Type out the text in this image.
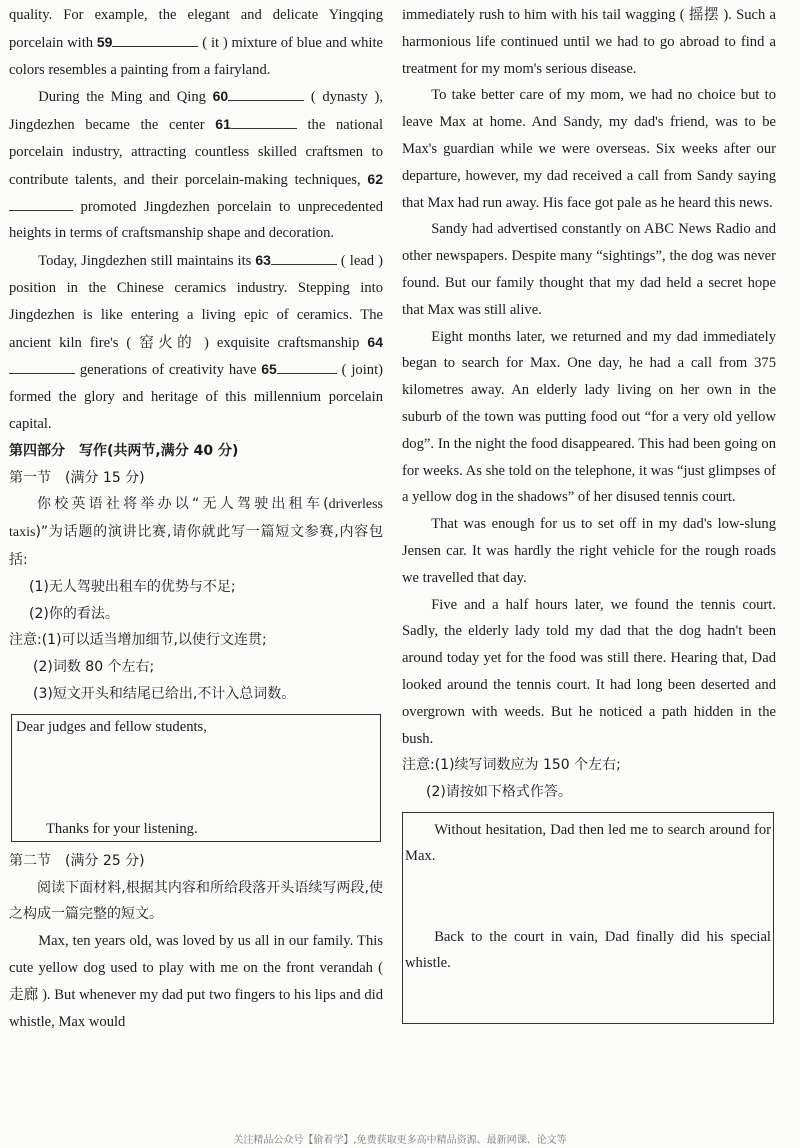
quality. For example, the elegant and delicate Yingqing porcelain with 59	( it ) mixture of blue and white colors resembles a painting from a fairyland.

During the Ming and Qing 60	( dynasty ), Jingdezhen became the center 61	the national porcelain industry, attracting countless skilled craftsmen to contribute talents, and their porcelain-making techniques, 62 promoted Jingdezhen porcelain to unprecedented heights in terms of craftsmanship shape and decoration.

Today, Jingdezhen still maintains its 63	( lead ) position in the Chinese ceramics industry. Stepping into Jingdezhen is like entering a living epic of ceramics. The ancient kiln fire's ( 窑火的 ) exquisite craftsmanship 64 generations of creativity have 65	( joint) formed the glory and heritage of this millennium porcelain capital.

第四部分　写作(共两节,满分 40 分)
第一节　(满分 15 分)

你校英语社将举办以“无人驾驶出租车(driverless taxis)”为话题的演讲比赛,请你就此写一篇短文参赛,内容包括:

(1)无人驾驶出租车的优势与不足;
(2)你的看法。
注意:(1)可以适当增加细节,以使行文连贯;
(2)词数 80 个左右;
(3)短文开头和结尾已给出,不计入总词数。
Dear judges and fellow students,
Thanks for your listening.
第二节　(满分 25 分)

阅读下面材料,根据其内容和所给段落开头语续写两段,使之构成一篇完整的短文。

Max, ten years old, was loved by us all in our family. This cute yellow dog used to play with me on the front verandah ( 走廊 ). But whenever my dad put two fingers to his lips and did whistle, Max would

immediately rush to him with his tail wagging ( 摇摆 ). Such a harmonious life continued until we had to go abroad to find a treatment for my mom's serious disease.

To take better care of my mom, we had no choice but to leave Max at home. And Sandy, my dad's friend, was to be Max's guardian while we were overseas. Six weeks after our departure, however, my dad received a call from Sandy saying that Max had run away. His face got pale as he heard this news.

Sandy had advertised constantly on ABC News Radio and other newspapers. Despite many “sightings”, the dog was never found. But our family thought that my dad held a secret hope that Max was still alive.

Eight months later, we returned and my dad immediately began to search for Max. One day, he had a call from 375 kilometres away. An elderly lady living on her own in the suburb of the town was putting food out “for a very old yellow dog”. In the night the food disappeared. This had been going on for weeks. As she told on the telephone, it was “just glimpses of a yellow dog in the shadows” of her disused tennis court.

That was enough for us to set off in my dad's low-slung Jensen car. It was hardly the right vehicle for the rough roads we travelled that day.

Five and a half hours later, we found the tennis court. Sadly, the elderly lady told my dad that the dog hadn't been around today yet for the food was still there. Hearing that, Dad looked around the tennis court. It had long been deserted and overgrown with weeds. But he noticed a path hidden in the bush.

注意:(1)续写词数应为 150 个左右;
(2)请按如下格式作答。
Without hesitation, Dad then led me to search around for Max.
Back to the court in vain, Dad finally did his special whistle.
关注精品公众号【偷着学】,免费获取更多高中精品资源、最新网课、论文等
